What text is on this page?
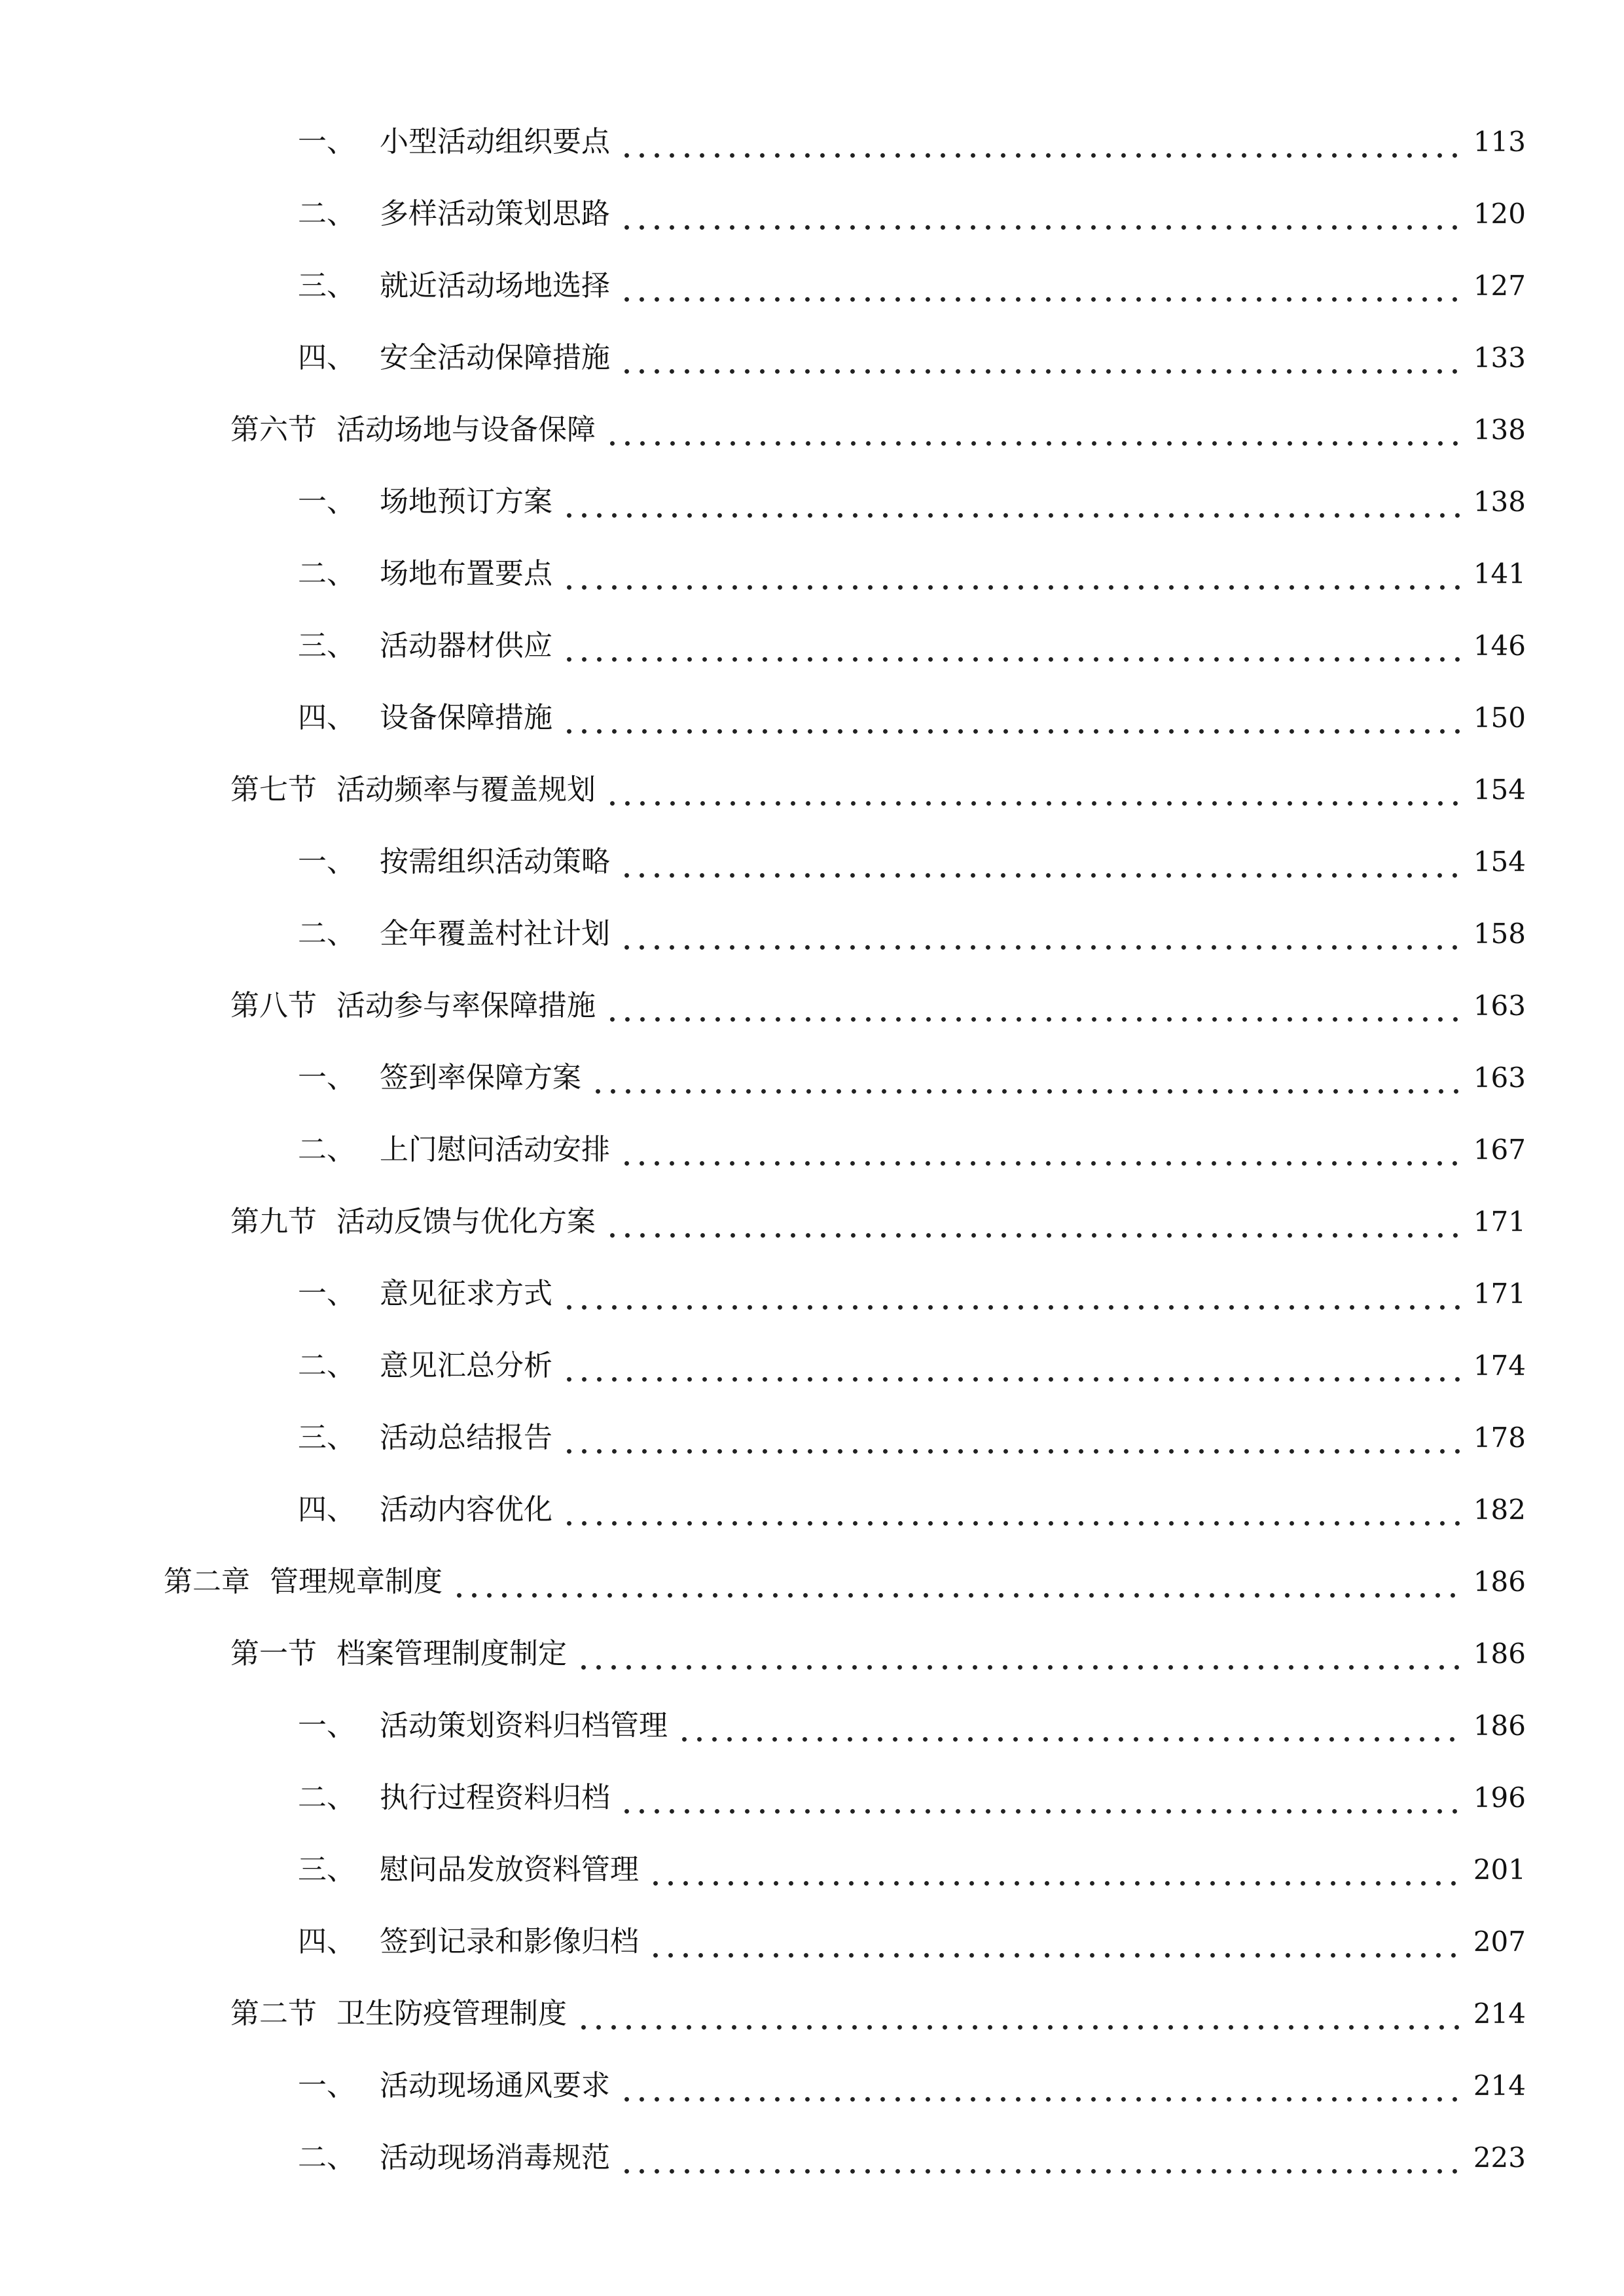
一、 小型活动组织要点	113
二、 多样活动策划思路	120
三、 就近活动场地选择	127
四、 安全活动保障措施	133
第六节 活动场地与设备保障	138
一、 场地预订方案	138
二、 场地布置要点	141
三、 活动器材供应	146
四、 设备保障措施	150
第七节 活动频率与覆盖规划	154
一、 按需组织活动策略	154
二、 全年覆盖村社计划	158
第八节 活动参与率保障措施	163
一、 签到率保障方案	163
二、 上门慰问活动安排	167
第九节 活动反馈与优化方案	171
一、 意见征求方式	171
二、 意见汇总分析	174
三、 活动总结报告	178
四、 活动内容优化	182
第二章 管理规章制度	186
第一节 档案管理制度制定	186
一、 活动策划资料归档管理	186
二、 执行过程资料归档	196
三、 慰问品发放资料管理	201
四、 签到记录和影像归档	207
第二节 卫生防疫管理制度	214
一、 活动现场通风要求	214
二、 活动现场消毒规范	223
